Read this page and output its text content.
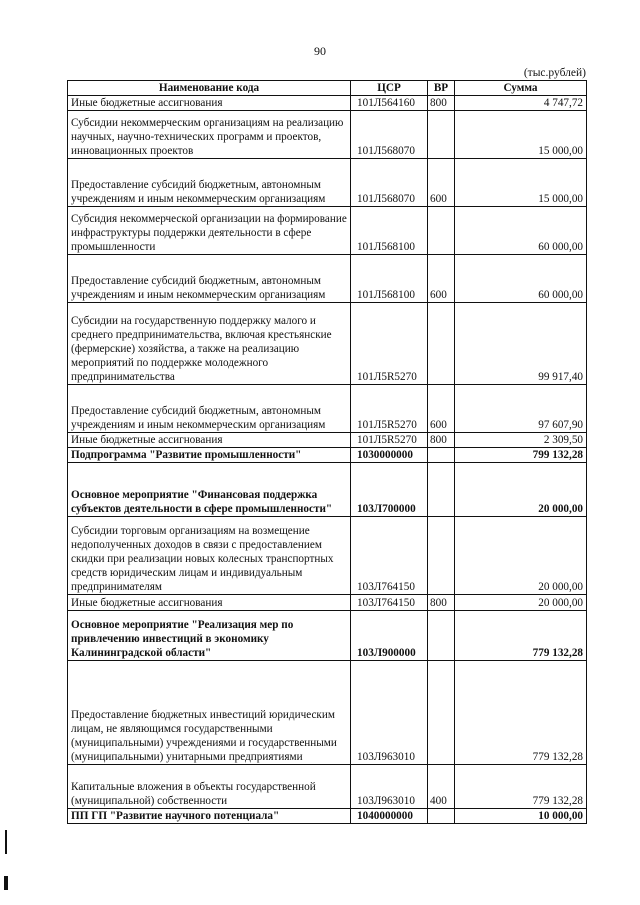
90
(тыс.рублей)
Наименование кода	ЦСР	ВР	Сумма
Иные бюджетные ассигнования	101Л564160	800	4 747,72
Субсидии некоммерческим организациям на реализацию научных, научно-технических программ и проектов, инновационных проектов	101Л568070		15 000,00
Предоставление субсидий бюджетным, автономным учреждениям и иным некоммерческим организациям	101Л568070	600	15 000,00
Субсидия некоммерческой организации на формирование инфраструктуры поддержки деятельности в сфере промышленности	101Л568100		60 000,00
Предоставление субсидий бюджетным, автономным учреждениям и иным некоммерческим организациям	101Л568100	600	60 000,00
Субсидии на государственную поддержку малого и среднего предпринимательства, включая крестьянские (фермерские) хозяйства, а также на реализацию мероприятий по поддержке молодежного предпринимательства	101Л5R5270		99 917,40
Предоставление субсидий бюджетным, автономным учреждениям и иным некоммерческим организациям	101Л5R5270	600	97 607,90
Иные бюджетные ассигнования	101Л5R5270	800	2 309,50
Подпрограмма "Развитие промышленности"	1030000000		799 132,28
Основное мероприятие "Финансовая поддержка субъектов деятельности в сфере промышленности"	103Л700000		20 000,00
Субсидии торговым организациям на возмещение недополученных доходов в связи с предоставлением скидки при реализации новых колесных транспортных средств юридическим лицам и индивидуальным предпринимателям	103Л764150		20 000,00
Иные бюджетные ассигнования	103Л764150	800	20 000,00
Основное мероприятие "Реализация мер по привлечению инвестиций в экономику Калининградской области"	103Л900000		779 132,28
Предоставление бюджетных инвестиций юридическим лицам, не являющимся государственными (муниципальными) учреждениями и государственными (муниципальными) унитарными предприятиями	103Л963010		779 132,28
Капитальные вложения в объекты государственной (муниципальной) собственности	103Л963010	400	779 132,28
ПП ГП "Развитие научного потенциала"	1040000000		10 000,00
